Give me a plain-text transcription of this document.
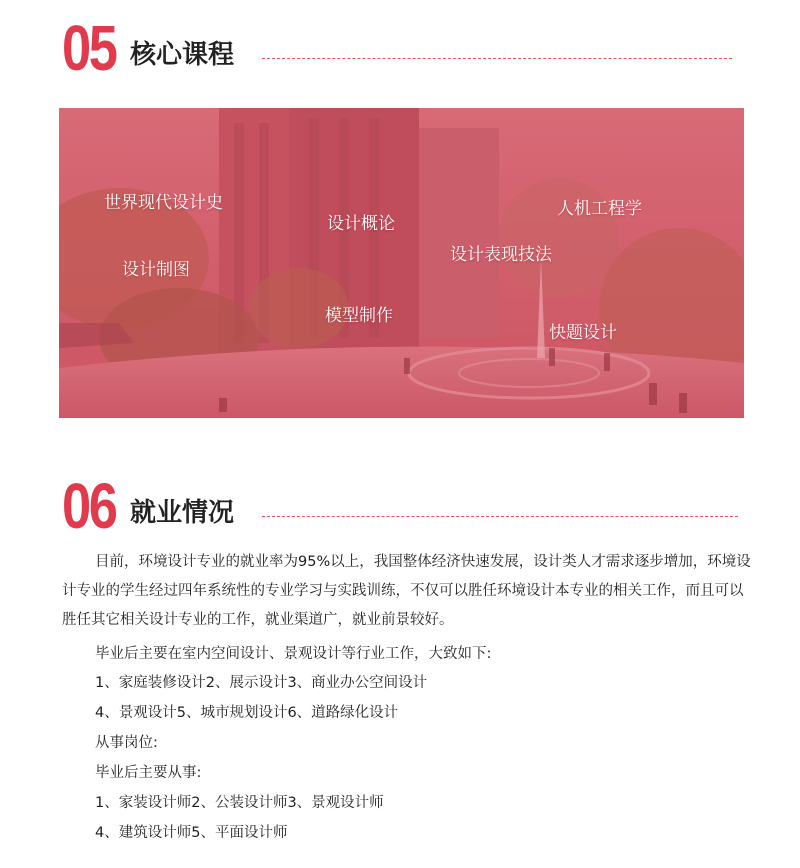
05 核心课程
世界现代设计史
设计概论
人机工程学
设计制图
设计表现技法
模型制作
快题设计
06 就业情况
目前，环境设计专业的就业率为95%以上，我国整体经济快速发展，设计类人才需求逐步增加，环境设计专业的学生经过四年系统性的专业学习与实践训练，不仅可以胜任环境设计本专业的相关工作，而且可以胜任其它相关设计专业的工作，就业渠道广，就业前景较好。
毕业后主要在室内空间设计、景观设计等行业工作，大致如下:
1、家庭装修设计2、展示设计3、商业办公空间设计
4、景观设计5、城市规划设计6、道路绿化设计
从事岗位:
毕业后主要从事:
1、家装设计师2、公装设计师3、景观设计师
4、建筑设计师5、平面设计师
